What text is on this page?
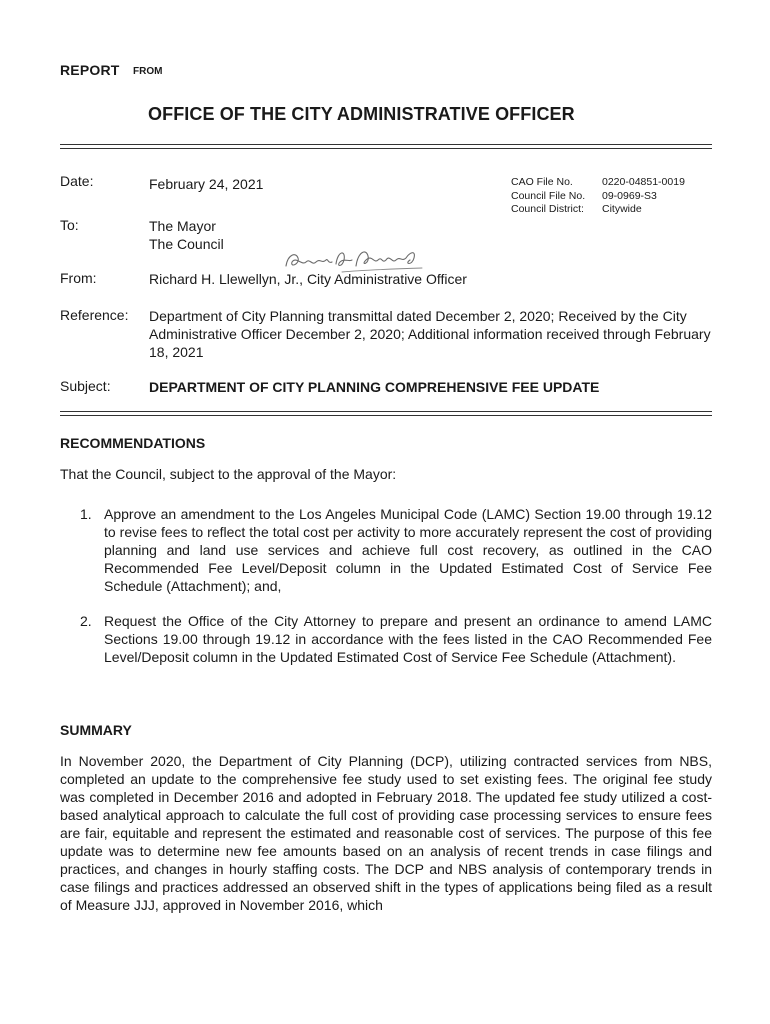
REPORT FROM
OFFICE OF THE CITY ADMINISTRATIVE OFFICER
Date:	February 24, 2021	CAO File No.	0220-04851-0019
Council File No. 09-0969-S3
Council District: Citywide
To:	The Mayor
The Council
From:	Richard H. Llewellyn, Jr., City Administrative Officer
Reference: Department of City Planning transmittal dated December 2, 2020; Received by the City Administrative Officer December 2, 2020; Additional information received through February 18, 2021
Subject:	DEPARTMENT OF CITY PLANNING COMPREHENSIVE FEE UPDATE
RECOMMENDATIONS
That the Council, subject to the approval of the Mayor:
1. Approve an amendment to the Los Angeles Municipal Code (LAMC) Section 19.00 through 19.12 to revise fees to reflect the total cost per activity to more accurately represent the cost of providing planning and land use services and achieve full cost recovery, as outlined in the CAO Recommended Fee Level/Deposit column in the Updated Estimated Cost of Service Fee Schedule (Attachment); and,
2. Request the Office of the City Attorney to prepare and present an ordinance to amend LAMC Sections 19.00 through 19.12 in accordance with the fees listed in the CAO Recommended Fee Level/Deposit column in the Updated Estimated Cost of Service Fee Schedule (Attachment).
SUMMARY
In November 2020, the Department of City Planning (DCP), utilizing contracted services from NBS, completed an update to the comprehensive fee study used to set existing fees. The original fee study was completed in December 2016 and adopted in February 2018. The updated fee study utilized a cost-based analytical approach to calculate the full cost of providing case processing services to ensure fees are fair, equitable and represent the estimated and reasonable cost of services. The purpose of this fee update was to determine new fee amounts based on an analysis of recent trends in case filings and practices, and changes in hourly staffing costs. The DCP and NBS analysis of contemporary trends in case filings and practices addressed an observed shift in the types of applications being filed as a result of Measure JJJ, approved in November 2016, which
